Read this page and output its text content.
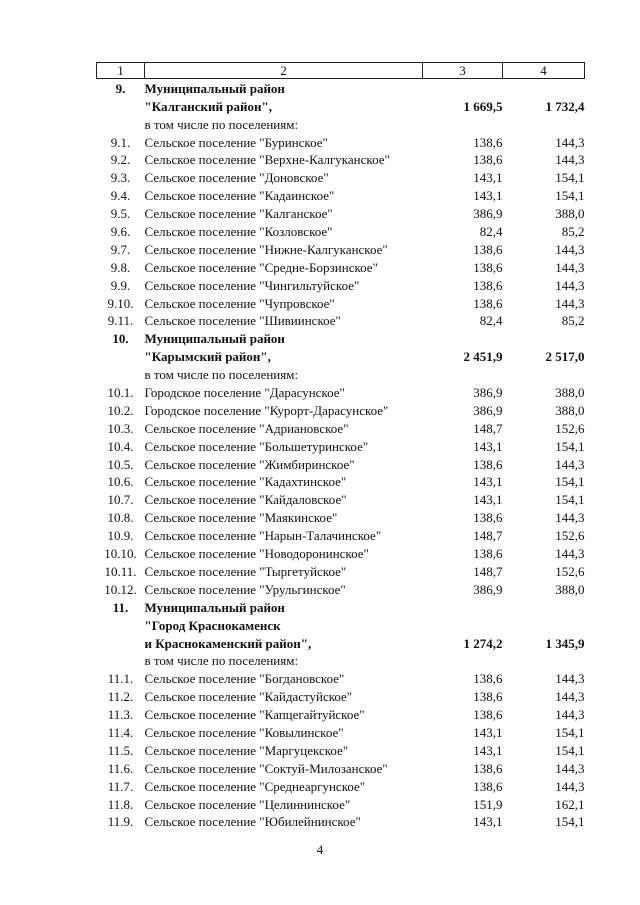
1	2	3	4
9.	Муниципальный район		
	"Калганский район",	1 669,5	1 732,4
	в том числе по поселениям:		
9.1.	Сельское поселение "Буринское"	138,6	144,3
9.2.	Сельское поселение "Верхне-Калгуканское"	138,6	144,3
9.3.	Сельское поселение "Доновское"	143,1	154,1
9.4.	Сельское поселение "Кадаинское"	143,1	154,1
9.5.	Сельское поселение "Калганское"	386,9	388,0
9.6.	Сельское поселение "Козловское"	82,4	85,2
9.7.	Сельское поселение "Нижне-Калгуканское"	138,6	144,3
9.8.	Сельское поселение "Средне-Борзинское"	138,6	144,3
9.9.	Сельское поселение "Чингильтуйское"	138,6	144,3
9.10.	Сельское поселение "Чупровское"	138,6	144,3
9.11.	Сельское поселение "Шивиинское"	82,4	85,2
10.	Муниципальный район		
	"Карымский район",	2 451,9	2 517,0
	в том числе по поселениям:		
10.1.	Городское поселение "Дарасунское"	386,9	388,0
10.2.	Городское поселение "Курорт-Дарасунское"	386,9	388,0
10.3.	Сельское поселение "Адриановское"	148,7	152,6
10.4.	Сельское поселение "Большетуринское"	143,1	154,1
10.5.	Сельское поселение "Жимбиринское"	138,6	144,3
10.6.	Сельское поселение "Кадахтинское"	143,1	154,1
10.7.	Сельское поселение "Кайдаловское"	143,1	154,1
10.8.	Сельское поселение "Маякинское"	138,6	144,3
10.9.	Сельское поселение "Нарын-Талачинское"	148,7	152,6
10.10.	Сельское поселение "Новодоронинское"	138,6	144,3
10.11.	Сельское поселение "Тыргетуйское"	148,7	152,6
10.12.	Сельское поселение "Урульгинское"	386,9	388,0
11.	Муниципальный район		
	"Город Краснокаменск		
	и Краснокаменский район",	1 274,2	1 345,9
	в том числе по поселениям:		
11.1.	Сельское поселение "Богдановское"	138,6	144,3
11.2.	Сельское поселение "Кайдастуйское"	138,6	144,3
11.3.	Сельское поселение "Капцегайтуйское"	138,6	144,3
11.4.	Сельское поселение "Ковылинское"	143,1	154,1
11.5.	Сельское поселение "Маргуцекское"	143,1	154,1
11.6.	Сельское поселение "Соктуй-Милозанское"	138,6	144,3
11.7.	Сельское поселение "Среднеаргунское"	138,6	144,3
11.8.	Сельское поселение "Целиннинское"	151,9	162,1
11.9.	Сельское поселение "Юбилейнинское"	143,1	154,1
4
